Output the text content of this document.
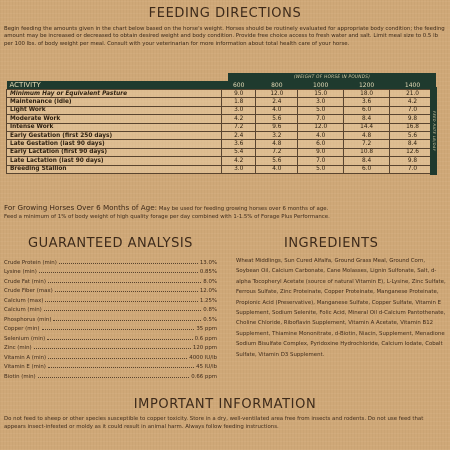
FEEDING DIRECTIONS
Begin feeding the amounts given in the chart below based on the horse's weight. Horses should be routinely evaluated for appropriate body condition; the feeding amount may be increased or decreased to obtain desired weight and body condition. Provide free choice access to fresh water and salt. Limit meal size to 0.5 lb per 100 lbs. of body weight per meal. Consult with your veterinarian for more information about total health care of your horse.
(WEIGHT OF HORSE IN POUNDS)
ACTIVITY	600	800	1000	1200	1400
Minimum Hay or Equivalent Pasture	9.0	12.0	15.0	18.0	21.0
Maintenance (Idle)	1.8	2.4	3.0	3.6	4.2
Light Work	3.0	4.0	5.0	6.0	7.0
Moderate Work	4.2	5.6	7.0	8.4	9.8
Intense Work	7.2	9.6	12.0	14.4	16.8
Early Gestation (first 250 days)	2.4	3.2	4.0	4.8	5.6
Late Gestation (last 90 days)	3.6	4.8	6.0	7.2	8.4
Early Lactation (first 90 days)	5.4	7.2	9.0	10.8	12.6
Late Lactation (last 90 days)	4.2	5.6	7.0	8.4	9.8
Breeding Stallion	3.0	4.0	5.0	6.0	7.0
FEED RATE LB/DAY
For Growing Horses Over 6 Months of Age: May be used for feeding growing horses over 6 months of age.
Feed a minimum of 1% of body weight of high quality forage per day combined with 1-1.5% of Forage Plus Performance.
GUARANTEED ANALYSIS
Crude Protein (min)	13.0%
Lysine (min)	0.85%
Crude Fat (min)	8.0%
Crude Fiber (max)	12.0%
Calcium (max)	1.25%
Calcium (min)	0.8%
Phosphorus (min)	0.5%
Copper (min)	35 ppm
Selenium (min)	0.6 ppm
Zinc (min)	120 ppm
Vitamin A (min)	4000 IU/lb
Vitamin E (min)	45 IU/lb
Biotin (min)	0.66 ppm
INGREDIENTS
Wheat Middlings, Sun Cured Alfalfa, Ground Grass Meal, Ground Corn, Soybean Oil, Calcium Carbonate, Cane Molasses, Lignin Sulfonate, Salt, d-alpha Tocopheryl Acetate (source of natural Vitamin E), L-Lysine, Zinc Sulfate, Ferrous Sulfate, Zinc Proteinate, Copper Proteinate, Manganese Proteinate, Propionic Acid (Preservative), Manganese Sulfate, Copper Sulfate, Vitamin E Supplement, Sodium Selenite, Folic Acid, Mineral Oil d-Calcium Pantothenate, Choline Chloride, Riboflavin Supplement, Vitamin A Acetate, Vitamin B12 Supplement, Thiamine Mononitrate, d-Biotin, Niacin, Supplement, Menadione Sodium Bisulfate Complex, Pyridoxine Hydrochloride, Calcium Iodate, Cobalt Sulfate, Vitamin D3 Supplement.
IMPORTANT INFORMATION
Do not feed to sheep or other species susceptible to copper toxicity. Store in a dry, well-ventilated area free from insects and rodents. Do not use feed that appears insect-infested or moldy as it could result in animal harm. Always follow feeding instructions.
